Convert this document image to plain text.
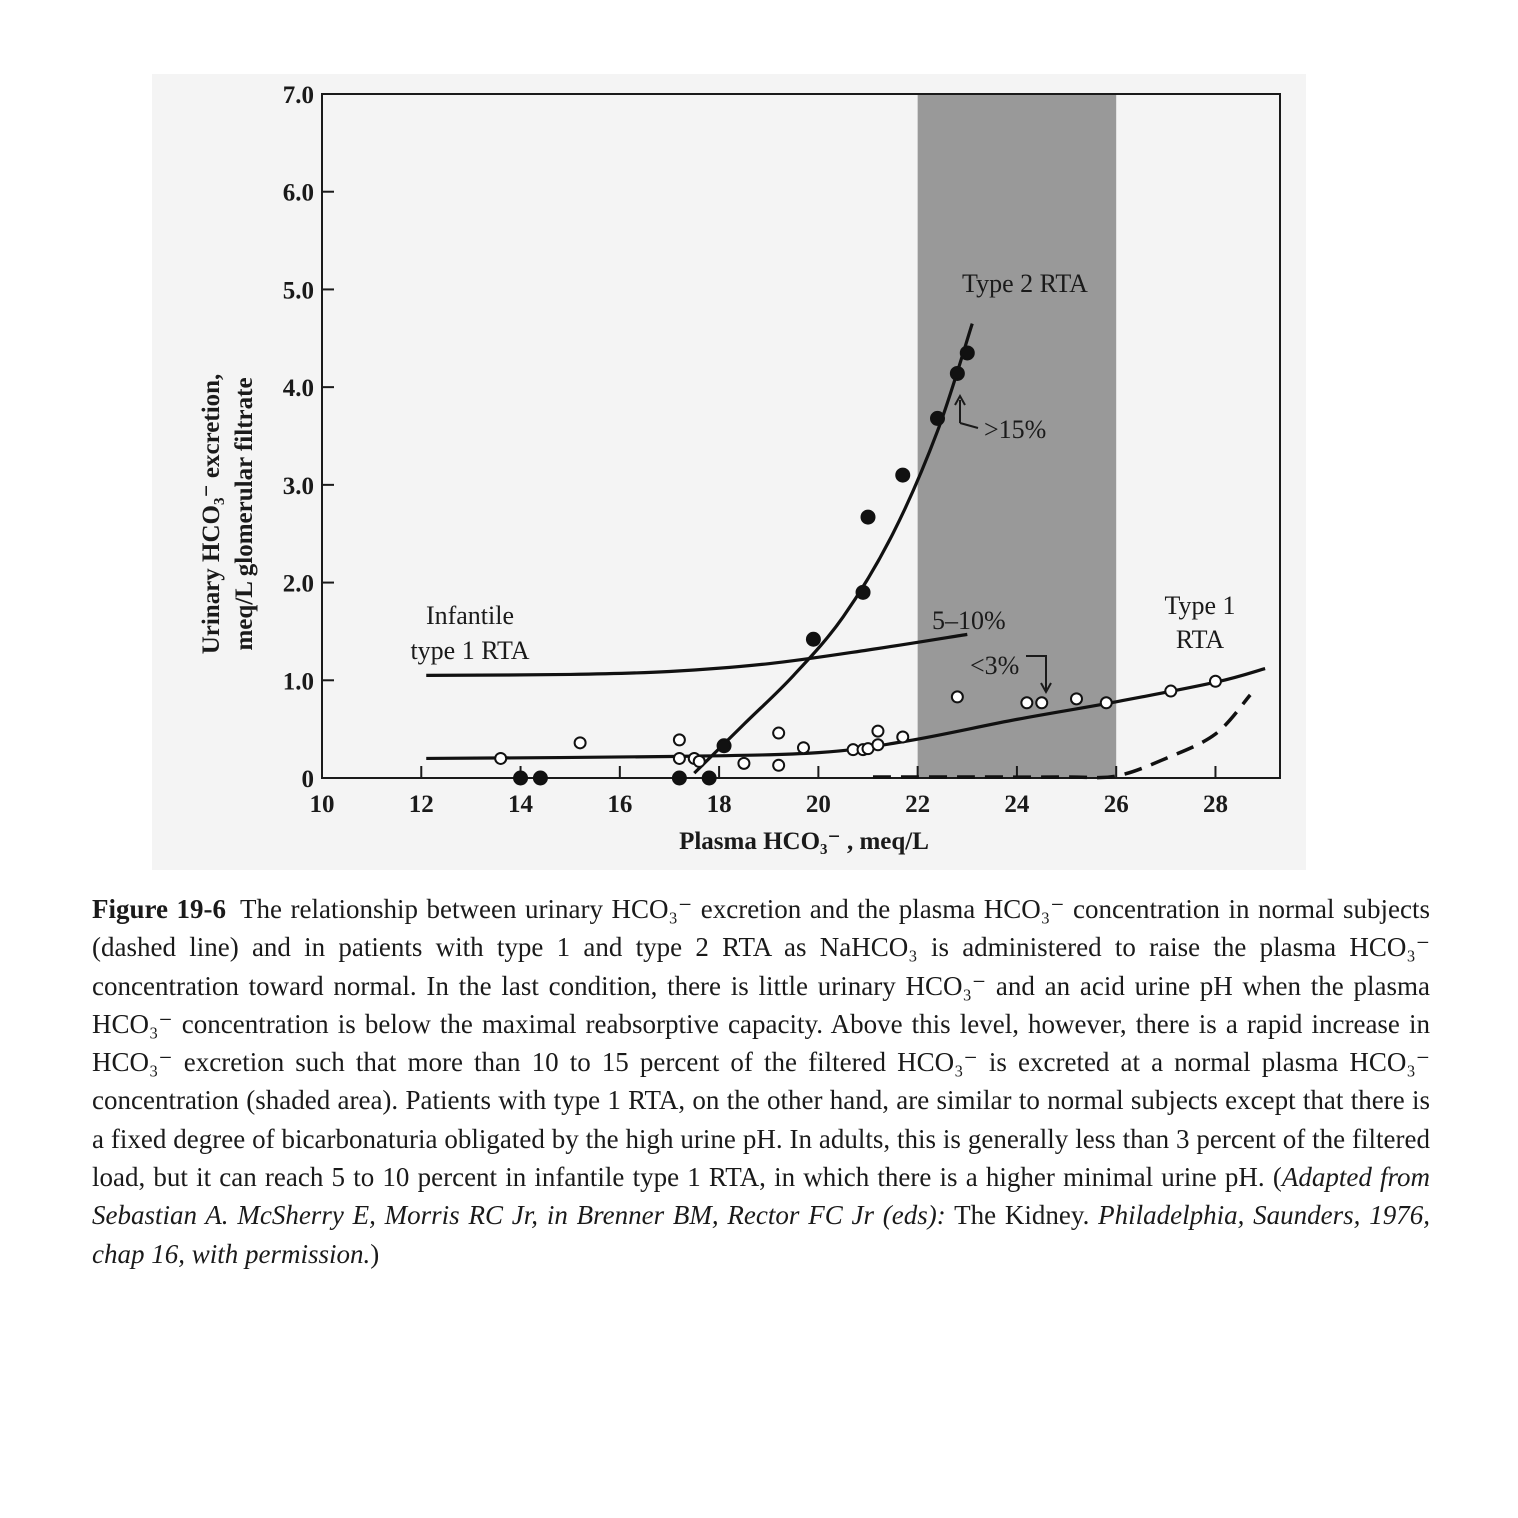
10	12	14	16	18	20	22	24	26	28
0
1.0
2.0
3.0
4.0
5.0
6.0
7.0
Urinary HCO₃⁻ excretion, meq/L glomerular filtrate
Plasma HCO₃⁻ , meq/L
Type 2 RTA
Type 1
RTA
Infantile
type 1 RTA
>15%
5–10%
<3%
Figure 19-6 The relationship between urinary HCO₃⁻ excretion and the plasma HCO₃⁻ concentration in normal subjects (dashed line) and in patients with type 1 and type 2 RTA as NaHCO₃ is administered to raise the plasma HCO₃⁻ concentration toward normal. In the last condition, there is little urinary HCO₃⁻ and an acid urine pH when the plasma HCO₃⁻ concentration is below the maximal reabsorptive capacity. Above this level, however, there is a rapid increase in HCO₃⁻ excretion such that more than 10 to 15 percent of the filtered HCO₃⁻ is excreted at a normal plasma HCO₃⁻ concentration (shaded area). Patients with type 1 RTA, on the other hand, are similar to normal subjects except that there is a fixed degree of bicarbonaturia obligated by the high urine pH. In adults, this is generally less than 3 percent of the filtered load, but it can reach 5 to 10 percent in infantile type 1 RTA, in which there is a higher minimal urine pH. (Adapted from Sebastian A. McSherry E, Morris RC Jr, in Brenner BM, Rector FC Jr (eds): The Kidney. Philadelphia, Saunders, 1976, chap 16, with permission.)
